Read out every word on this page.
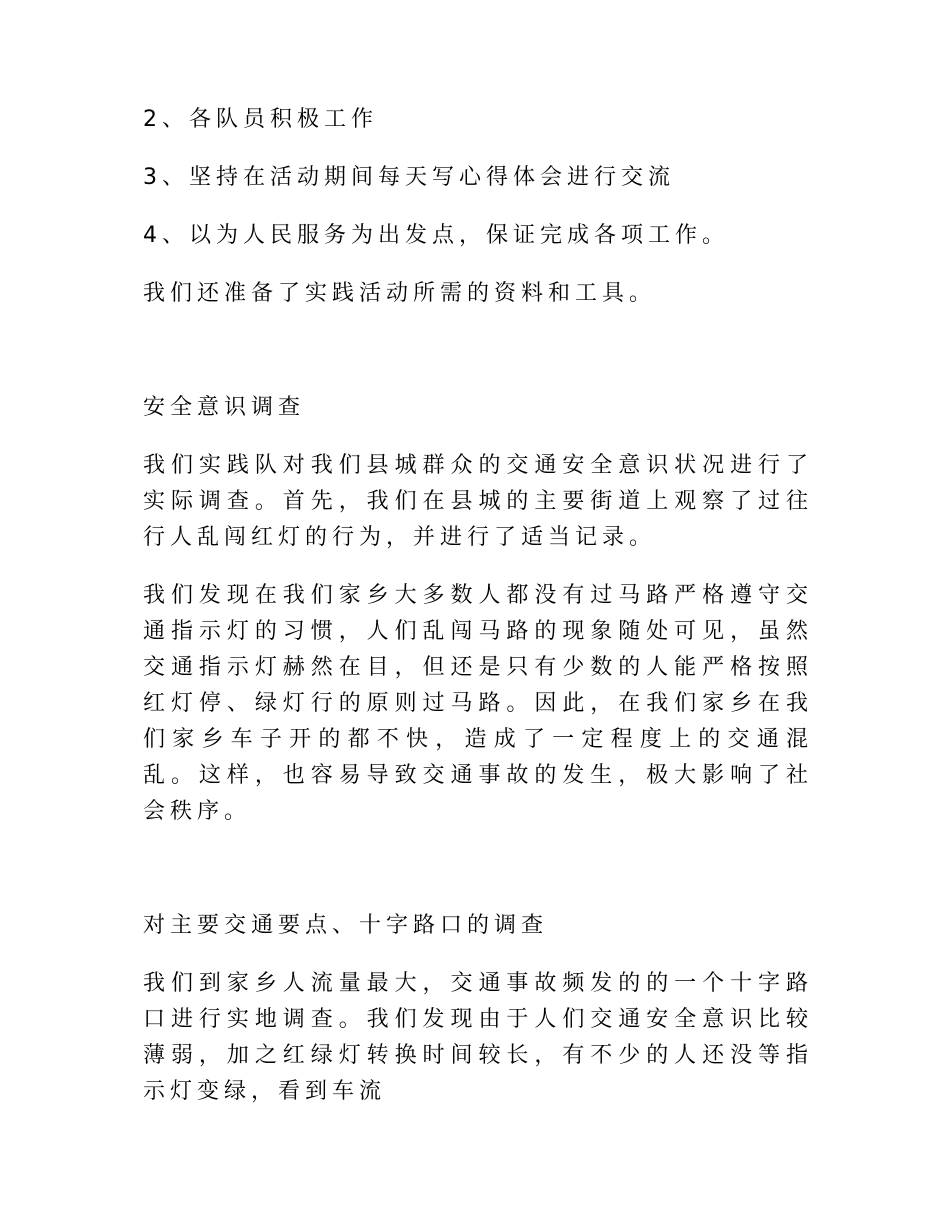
2、各队员积极工作

3、坚持在活动期间每天写心得体会进行交流

4、以为人民服务为出发点，保证完成各项工作。

我们还准备了实践活动所需的资料和工具。

安全意识调查

我们实践队对我们县城群众的交通安全意识状况进行了实际调查。首先，我们在县城的主要街道上观察了过往行人乱闯红灯的行为，并进行了适当记录。

我们发现在我们家乡大多数人都没有过马路严格遵守交通指示灯的习惯，人们乱闯马路的现象随处可见，虽然交通指示灯赫然在目，但还是只有少数的人能严格按照红灯停、绿灯行的原则过马路。因此，在我们家乡在我们家乡车子开的都不快，造成了一定程度上的交通混乱。这样，也容易导致交通事故的发生，极大影响了社会秩序。

对主要交通要点、十字路口的调查

我们到家乡人流量最大，交通事故频发的的一个十字路口进行实地调查。我们发现由于人们交通安全意识比较薄弱，加之红绿灯转换时间较长，有不少的人还没等指示灯变绿，看到车流
